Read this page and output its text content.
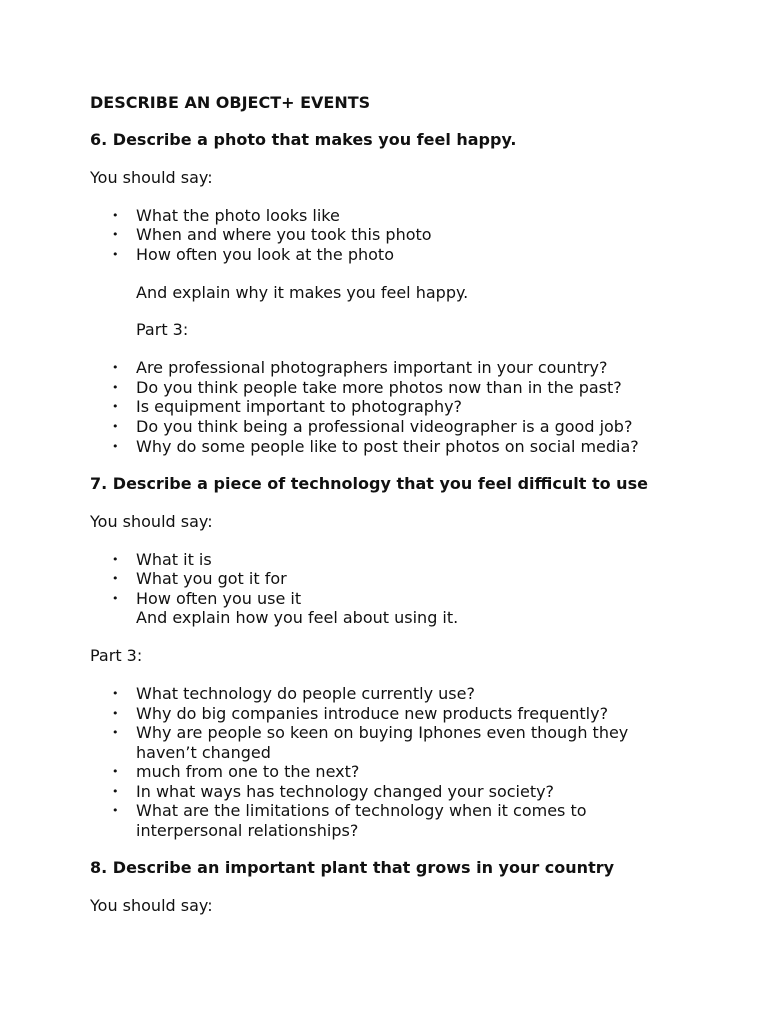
DESCRIBE AN OBJECT+ EVENTS
6. Describe a photo that makes you feel happy.
You should say:
• What the photo looks like
• When and where you took this photo
• How often you look at the photo
And explain why it makes you feel happy.
Part 3:
• Are professional photographers important in your country?
• Do you think people take more photos now than in the past?
• Is equipment important to photography?
• Do you think being a professional videographer is a good job?
• Why do some people like to post their photos on social media?
7. Describe a piece of technology that you feel difficult to use
You should say:
• What it is
• What you got it for
• How often you use it
And explain how you feel about using it.
Part 3:
• What technology do people currently use?
• Why do big companies introduce new products frequently?
• Why are people so keen on buying Iphones even though they
haven’t changed
• much from one to the next?
• In what ways has technology changed your society?
• What are the limitations of technology when it comes to
interpersonal relationships?
8. Describe an important plant that grows in your country
You should say:
